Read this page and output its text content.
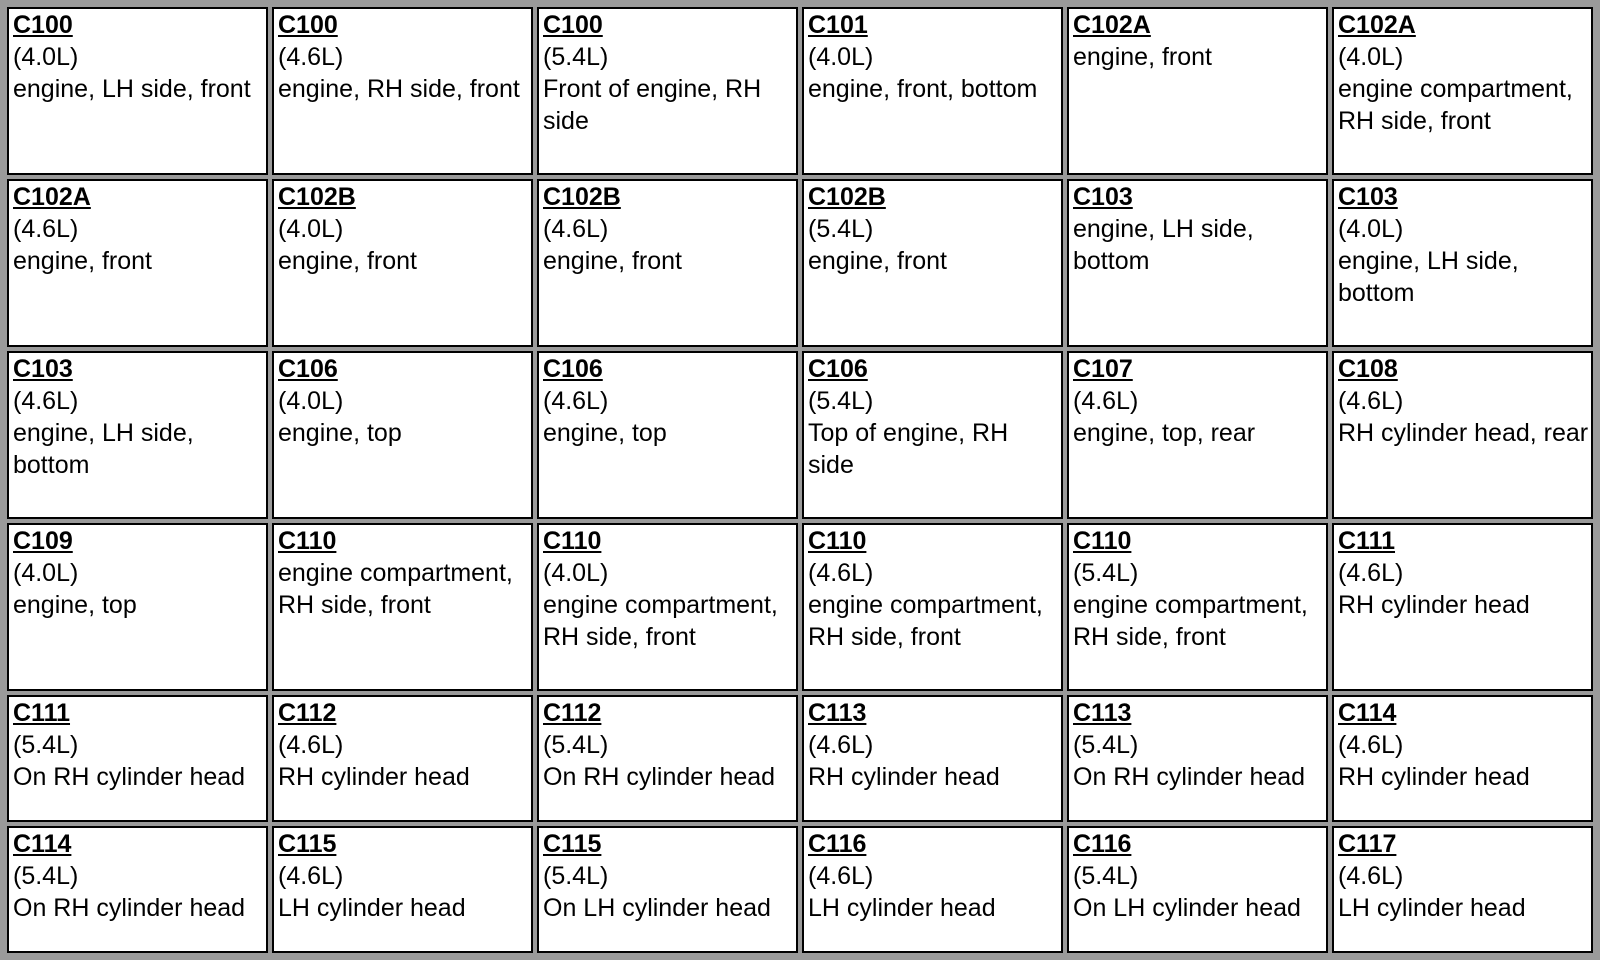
C100
(4.0L)
engine, LH side, front	C100
(4.6L)
engine, RH side, front	C100
(5.4L)
Front of engine, RH side	C101
(4.0L)
engine, front, bottom	C102A
engine, front	C102A
(4.0L)
engine compartment, RH side, front

C102A
(4.6L)
engine, front	C102B
(4.0L)
engine, front	C102B
(4.6L)
engine, front	C102B
(5.4L)
engine, front	C103
engine, LH side, bottom	C103
(4.0L)
engine, LH side, bottom

C103
(4.6L)
engine, LH side, bottom	C106
(4.0L)
engine, top	C106
(4.6L)
engine, top	C106
(5.4L)
Top of engine, RH side	C107
(4.6L)
engine, top, rear	C108
(4.6L)
RH cylinder head, rear

C109
(4.0L)
engine, top	C110
engine compartment, RH side, front	C110
(4.0L)
engine compartment, RH side, front	C110
(4.6L)
engine compartment, RH side, front	C110
(5.4L)
engine compartment, RH side, front	C111
(4.6L)
RH cylinder head

C111
(5.4L)
On RH cylinder head	C112
(4.6L)
RH cylinder head	C112
(5.4L)
On RH cylinder head	C113
(4.6L)
RH cylinder head	C113
(5.4L)
On RH cylinder head	C114
(4.6L)
RH cylinder head

C114
(5.4L)
On RH cylinder head	C115
(4.6L)
LH cylinder head	C115
(5.4L)
On LH cylinder head	C116
(4.6L)
LH cylinder head	C116
(5.4L)
On LH cylinder head	C117
(4.6L)
LH cylinder head
